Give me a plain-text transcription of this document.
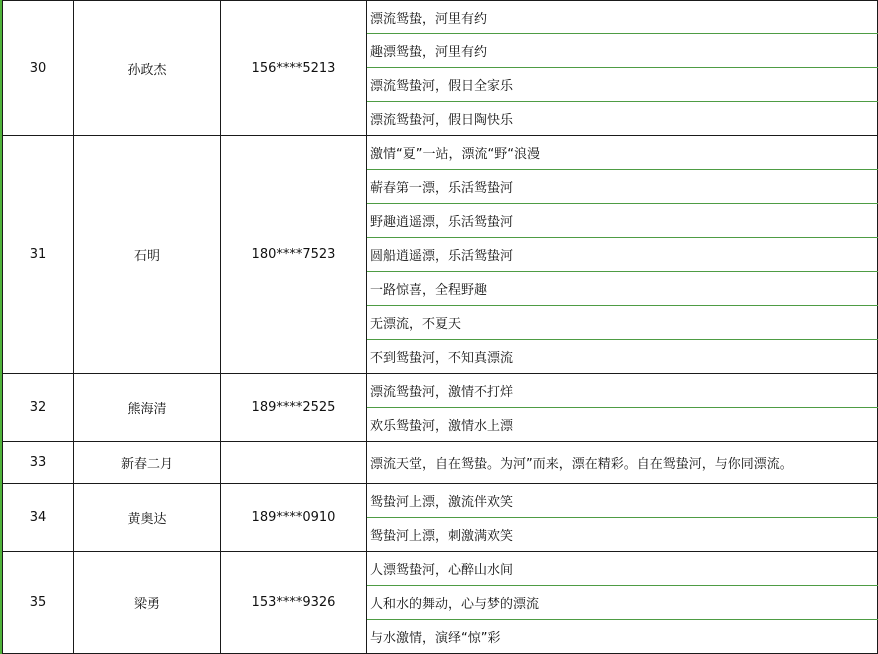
30	孙政杰	156****5213	漂流鸳蛰，河里有约
			趣漂鸳蛰，河里有约
			漂流鸳蛰河，假日全家乐
			漂流鸳蛰河，假日陶快乐
31	石明	180****7523	激情“夏”一站，漂流“野“浪漫
			蕲春第一漂，乐活鸳蛰河
			野趣逍遥漂，乐活鸳蛰河
			圆船逍遥漂，乐活鸳蛰河
			一路惊喜，全程野趣
			无漂流，不夏天
			不到鸳蛰河，不知真漂流
32	熊海清	189****2525	漂流鸳蛰河，激情不打烊
			欢乐鸳蛰河，激情水上漂
33	新春二月		漂流天堂，自在鸳蛰。为河”而来，漂在精彩。自在鸳蛰河，与你同漂流。
34	黄奥达	189****0910	鸳蛰河上漂，激流伴欢笑
			鸳蛰河上漂，刺激满欢笑
35	梁勇	153****9326	人漂鸳蛰河，心醉山水间
			人和水的舞动，心与梦的漂流
			与水激情，演绎“惊”彩
